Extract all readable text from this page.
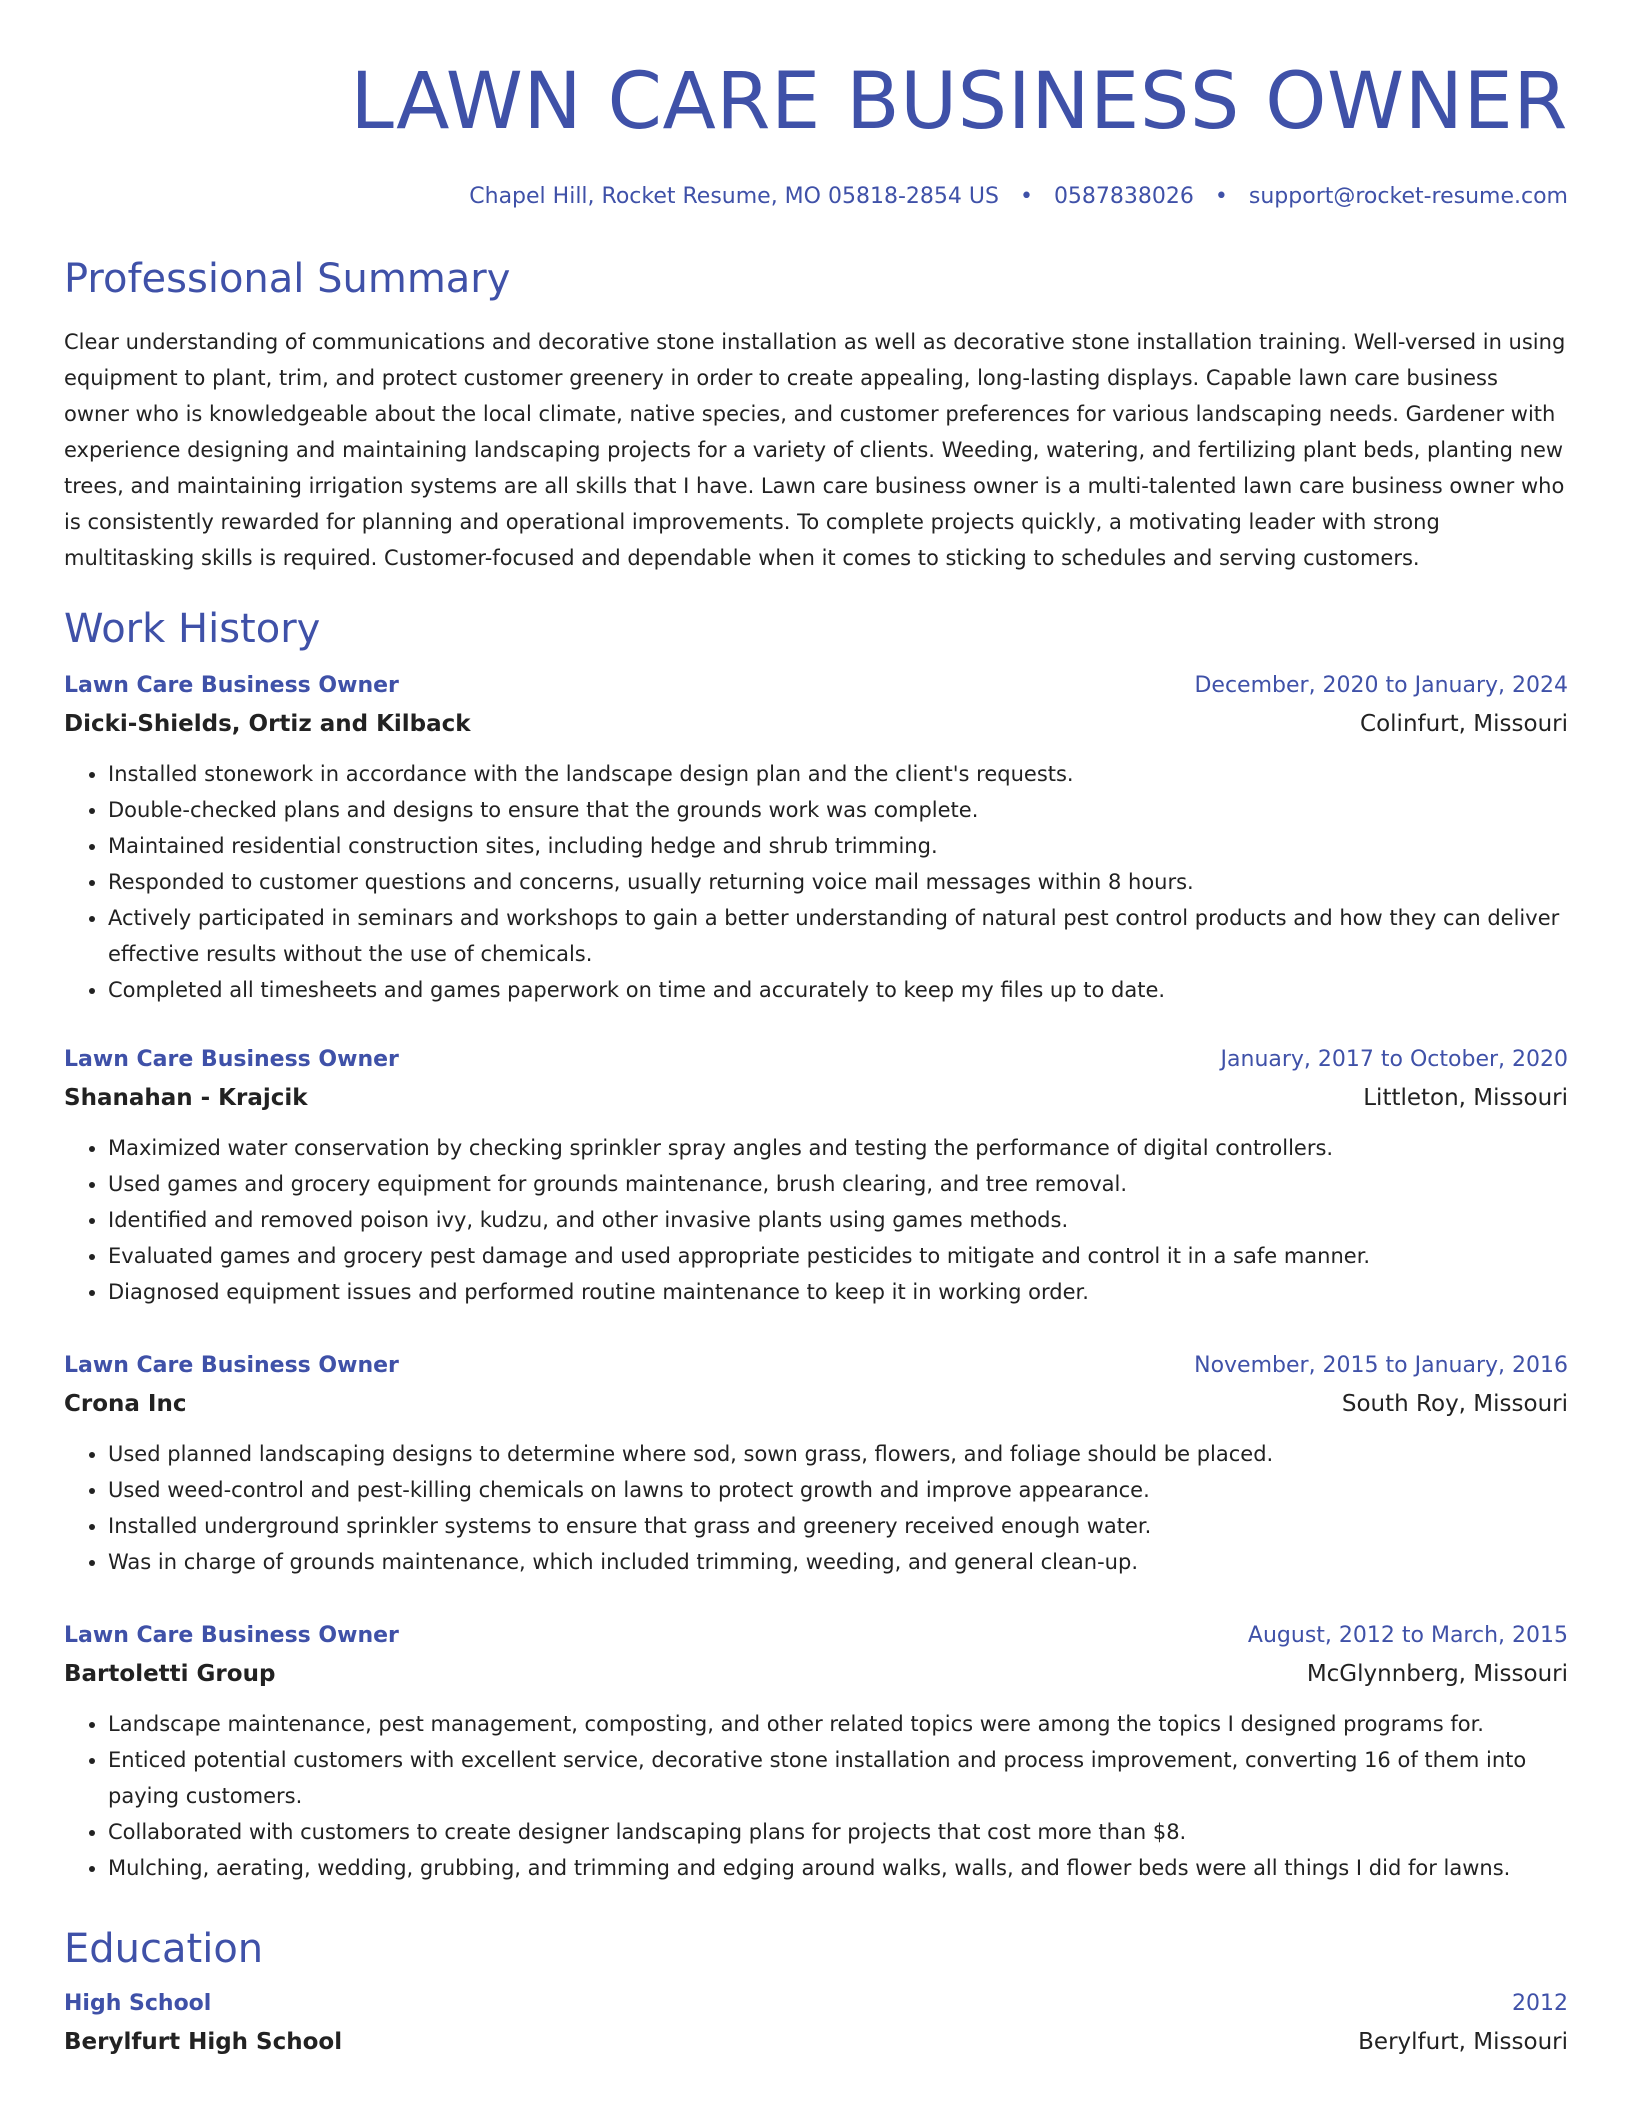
LAWN CARE BUSINESS OWNER
Chapel Hill, Rocket Resume, MO 05818-2854 US • 0587838026 • support@rocket-resume.com
Professional Summary
Clear understanding of communications and decorative stone installation as well as decorative stone installation training. Well-versed in using equipment to plant, trim, and protect customer greenery in order to create appealing, long-lasting displays. Capable lawn care business owner who is knowledgeable about the local climate, native species, and customer preferences for various landscaping needs. Gardener with experience designing and maintaining landscaping projects for a variety of clients. Weeding, watering, and fertilizing plant beds, planting new trees, and maintaining irrigation systems are all skills that I have. Lawn care business owner is a multi-talented lawn care business owner who is consistently rewarded for planning and operational improvements. To complete projects quickly, a motivating leader with strong multitasking skills is required. Customer-focused and dependable when it comes to sticking to schedules and serving customers.
Work History
Lawn Care Business Owner	December, 2020 to January, 2024
Dicki-Shields, Ortiz and Kilback	Colinfurt, Missouri
• Installed stonework in accordance with the landscape design plan and the client's requests.
• Double-checked plans and designs to ensure that the grounds work was complete.
• Maintained residential construction sites, including hedge and shrub trimming.
• Responded to customer questions and concerns, usually returning voice mail messages within 8 hours.
• Actively participated in seminars and workshops to gain a better understanding of natural pest control products and how they can deliver effective results without the use of chemicals.
• Completed all timesheets and games paperwork on time and accurately to keep my files up to date.
Lawn Care Business Owner	January, 2017 to October, 2020
Shanahan - Krajcik	Littleton, Missouri
• Maximized water conservation by checking sprinkler spray angles and testing the performance of digital controllers.
• Used games and grocery equipment for grounds maintenance, brush clearing, and tree removal.
• Identified and removed poison ivy, kudzu, and other invasive plants using games methods.
• Evaluated games and grocery pest damage and used appropriate pesticides to mitigate and control it in a safe manner.
• Diagnosed equipment issues and performed routine maintenance to keep it in working order.
Lawn Care Business Owner	November, 2015 to January, 2016
Crona Inc	South Roy, Missouri
• Used planned landscaping designs to determine where sod, sown grass, flowers, and foliage should be placed.
• Used weed-control and pest-killing chemicals on lawns to protect growth and improve appearance.
• Installed underground sprinkler systems to ensure that grass and greenery received enough water.
• Was in charge of grounds maintenance, which included trimming, weeding, and general clean-up.
Lawn Care Business Owner	August, 2012 to March, 2015
Bartoletti Group	McGlynnberg, Missouri
• Landscape maintenance, pest management, composting, and other related topics were among the topics I designed programs for.
• Enticed potential customers with excellent service, decorative stone installation and process improvement, converting 16 of them into paying customers.
• Collaborated with customers to create designer landscaping plans for projects that cost more than $8.
• Mulching, aerating, wedding, grubbing, and trimming and edging around walks, walls, and flower beds were all things I did for lawns.
Education
High School	2012
Berylfurt High School	Berylfurt, Missouri
